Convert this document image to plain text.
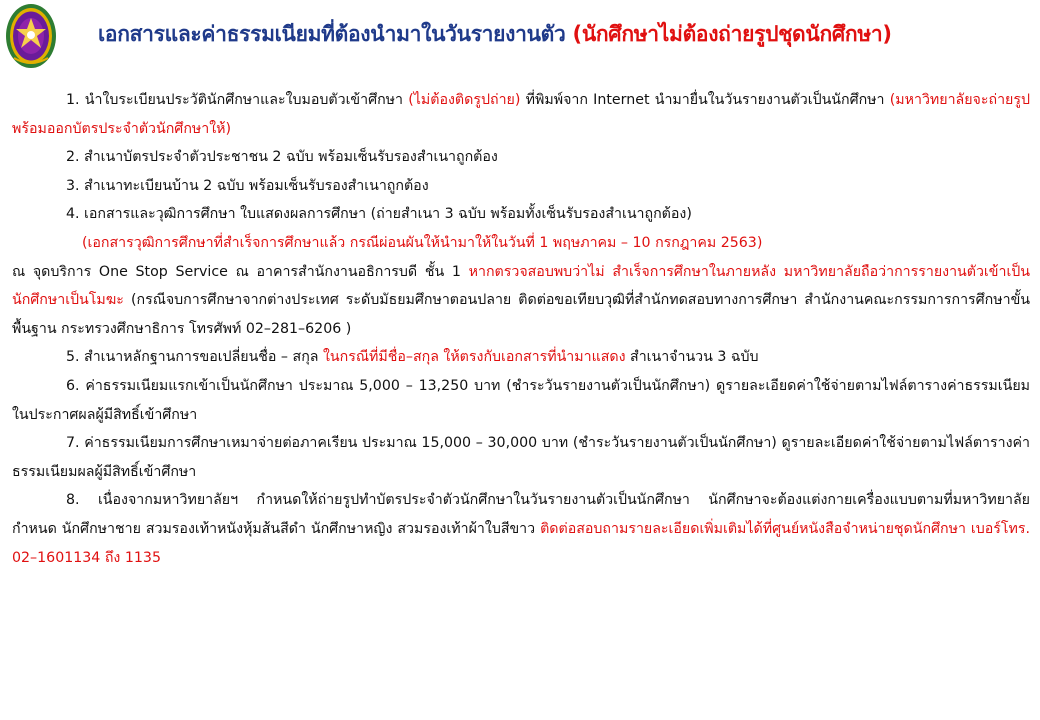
เอกสารและค่าธรรมเนียมที่ต้องนำมาในวันรายงานตัว (นักศึกษาไม่ต้องถ่ายรูปชุดนักศึกษา)

1. นำใบระเบียนประวัตินักศึกษาและใบมอบตัวเข้าศึกษา (ไม่ต้องติดรูปถ่าย) ที่พิมพ์จาก Internet นำมายื่นในวันรายงานตัวเป็นนักศึกษา (มหาวิทยาลัยจะถ่ายรูปพร้อมออกบัตรประจำตัวนักศึกษาให้)

2. สำเนาบัตรประจำตัวประชาชน 2 ฉบับ พร้อมเซ็นรับรองสำเนาถูกต้อง

3. สำเนาทะเบียนบ้าน 2 ฉบับ พร้อมเซ็นรับรองสำเนาถูกต้อง

4. เอกสารและวุฒิการศึกษา ใบแสดงผลการศึกษา (ถ่ายสำเนา 3 ฉบับ พร้อมทั้งเซ็นรับรองสำเนาถูกต้อง)

(เอกสารวุฒิการศึกษาที่สำเร็จการศึกษาแล้ว กรณีผ่อนผันให้นำมาให้ในวันที่ 1 พฤษภาคม – 10 กรกฎาคม 2563)

ณ จุดบริการ One Stop Service ณ อาคารสำนักงานอธิการบดี ชั้น 1 หากตรวจสอบพบว่าไม่ สำเร็จการศึกษาในภายหลัง มหาวิทยาลัยถือว่าการรายงานตัวเข้าเป็นนักศึกษาเป็นโมฆะ (กรณีจบการศึกษาจากต่างประเทศ ระดับมัธยมศึกษาตอนปลาย ติดต่อขอเทียบวุฒิที่สำนักทดสอบทางการศึกษา สำนักงานคณะกรรมการการศึกษาขั้นพื้นฐาน กระทรวงศึกษาธิการ โทรศัพท์ 02–281–6206 )

5. สำเนาหลักฐานการขอเปลี่ยนชื่อ – สกุล ในกรณีที่มีชื่อ–สกุล ให้ตรงกับเอกสารที่นำมาแสดง สำเนาจำนวน 3 ฉบับ

6. ค่าธรรมเนียมแรกเข้าเป็นนักศึกษา ประมาณ 5,000 – 13,250 บาท (ชำระวันรายงานตัวเป็นนักศึกษา) ดูรายละเอียดค่าใช้จ่ายตามไฟล์ตารางค่าธรรมเนียมในประกาศผลผู้มีสิทธิ์เข้าศึกษา

7. ค่าธรรมเนียมการศึกษาเหมาจ่ายต่อภาคเรียน ประมาณ 15,000 – 30,000 บาท (ชำระวันรายงานตัวเป็นนักศึกษา) ดูรายละเอียดค่าใช้จ่ายตามไฟล์ตารางค่าธรรมเนียมผลผู้มีสิทธิ์เข้าศึกษา

8. เนื่องจากมหาวิทยาลัยฯ กำหนดให้ถ่ายรูปทำบัตรประจำตัวนักศึกษาในวันรายงานตัวเป็นนักศึกษา นักศึกษาจะต้องแต่งกายเครื่องแบบตามที่มหาวิทยาลัยกำหนด นักศึกษาชาย สวมรองเท้าหนังหุ้มส้นสีดำ นักศึกษาหญิง สวมรองเท้าผ้าใบสีขาว ติดต่อสอบถามรายละเอียดเพิ่มเติมได้ที่ศูนย์หนังสือจำหน่ายชุดนักศึกษา เบอร์โทร. 02–1601134 ถึง 1135
